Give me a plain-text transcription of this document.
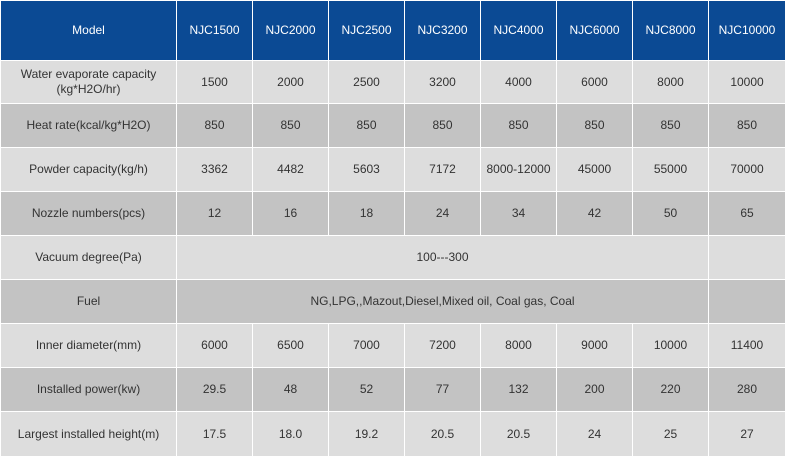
Model	NJC1500	NJC2000	NJC2500	NJC3200	NJC4000	NJC6000	NJC8000	NJC10000

Water evaporate capacity
(kg*H2O/hr)	1500	2000	2500	3200	4000	6000	8000	10000
Heat rate(kcal/kg*H2O)	850	850	850	850	850	850	850	850
Powder capacity(kg/h)	3362	4482	5603	7172	8000-12000	45000	55000	70000
Nozzle numbers(pcs)	12	16	18	24	34	42	50	65
Vacuum degree(Pa)	100---300							
Fuel	NG,LPG,,Mazout,Diesel,Mixed oil, Coal gas, Coal							
Inner diameter(mm)	6000	6500	7000	7200	8000	9000	10000	11400
Installed power(kw)	29.5	48	52	77	132	200	220	280
Largest installed height(m)	17.5	18.0	19.2	20.5	20.5	24	25	27
